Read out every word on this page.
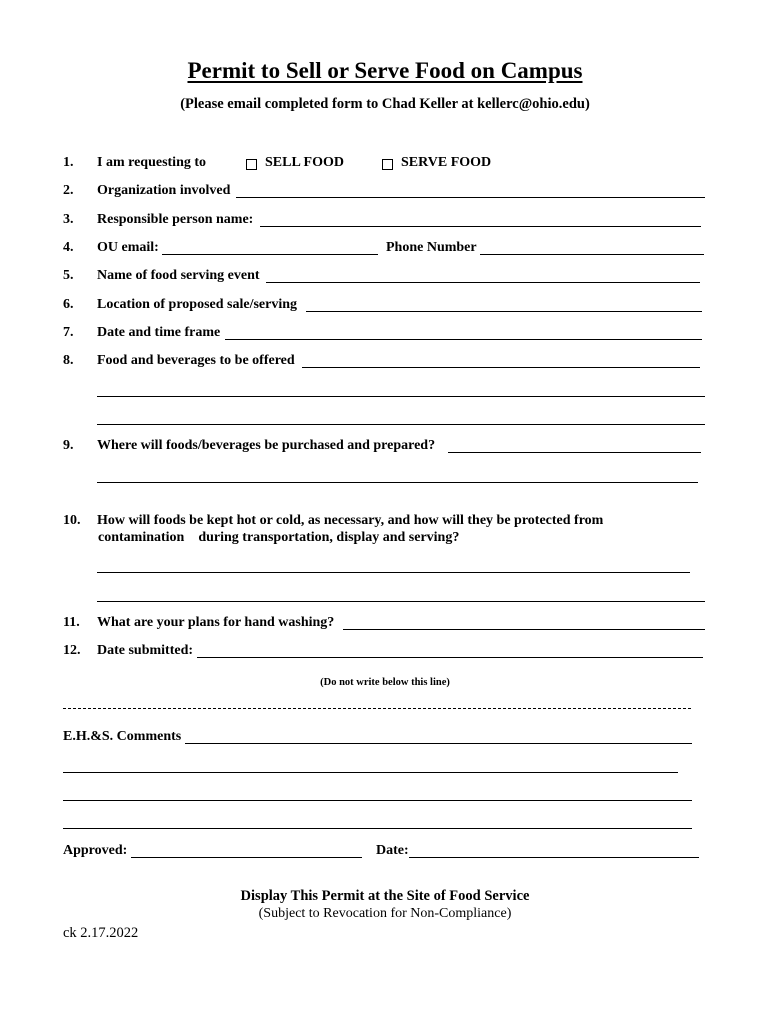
Permit to Sell or Serve Food on Campus
(Please email completed form to Chad Keller at kellerc@ohio.edu)
1. I am requesting to	SELL FOOD	SERVE FOOD
2. Organization involved
3. Responsible person name:
4. OU email:	Phone Number
5. Name of food serving event
6. Location of proposed sale/serving
7. Date and time frame
8. Food and beverages to be offered
9. Where will foods/beverages be purchased and prepared?
10. How will foods be kept hot or cold, as necessary, and how will they be protected from
contamination    during transportation, display and serving?
11. What are your plans for hand washing?
12. Date submitted:
(Do not write below this line)
E.H.&S. Comments
Approved:	Date:
Display This Permit at the Site of Food Service
(Subject to Revocation for Non-Compliance)
ck 2.17.2022
